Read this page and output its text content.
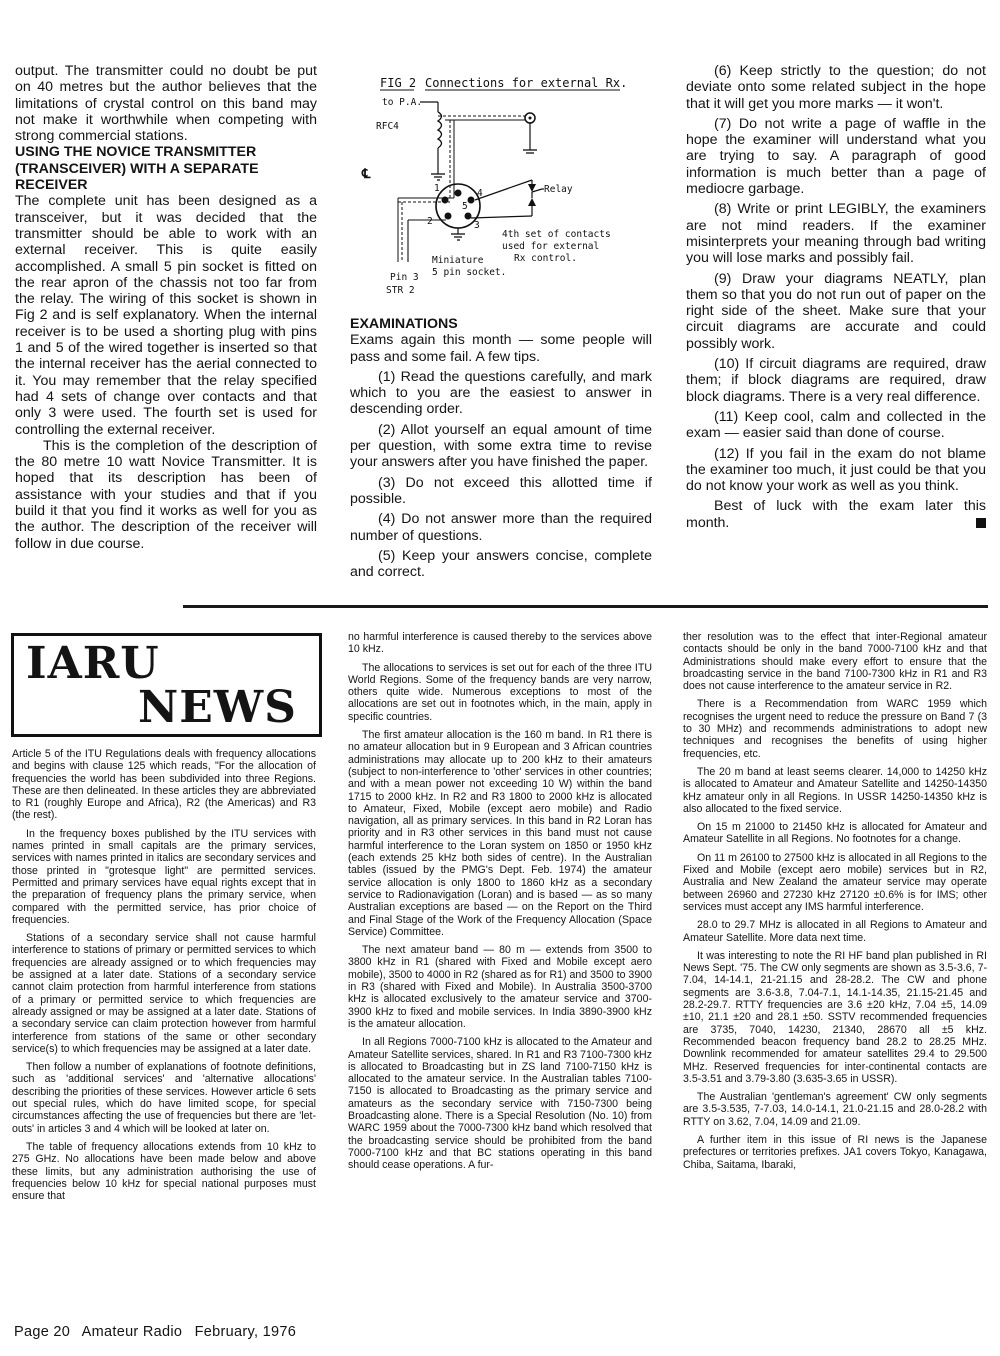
output. The transmitter could no doubt be put on 40 metres but the author believes that the limitations of crystal control on this band may not make it worthwhile when competing with strong commercial stations.

USING THE NOVICE TRANSMITTER (TRANSCEIVER) WITH A SEPARATE RECEIVER

The complete unit has been designed as a transceiver, but it was decided that the transmitter should be able to work with an external receiver. This is quite easily accomplished. A small 5 pin socket is fitted on the rear apron of the chassis not too far from the relay. The wiring of this socket is shown in Fig 2 and is self explanatory. When the internal receiver is to be used a shorting plug with pins 1 and 5 of the wired together is inserted so that the internal receiver has the aerial connected to it. You may remember that the relay specified had 4 sets of change over contacts and that only 3 were used. The fourth set is used for controlling the external receiver.

This is the completion of the description of the 80 metre 10 watt Novice Transmitter. It is hoped that its description has been of assistance with your studies and that if you build it that you find it works as well for you as the author. The description of the receiver will follow in due course.

FIG 2 Connections for external Rx.
to P.A.
RFC4
℄
1	4
5
2	3
Relay
4th set of contacts
used for external
Rx control.
Miniature
5 pin socket.
Pin 3
STR 2
EXAMINATIONS

Exams again this month — some people will pass and some fail. A few tips.

(1) Read the questions carefully, and mark which to you are the easiest to answer in descending order.

(2) Allot yourself an equal amount of time per question, with some extra time to revise your answers after you have finished the paper.

(3) Do not exceed this allotted time if possible.

(4) Do not answer more than the required number of questions.

(5) Keep your answers concise, complete and correct.

(6) Keep strictly to the question; do not deviate onto some related subject in the hope that it will get you more marks — it won't.

(7) Do not write a page of waffle in the hope the examiner will understand what you are trying to say. A paragraph of good information is much better than a page of mediocre garbage.

(8) Write or print LEGIBLY, the examiners are not mind readers. If the examiner misinterprets your meaning through bad writing you will lose marks and possibly fail.

(9) Draw your diagrams NEATLY, plan them so that you do not run out of paper on the right side of the sheet. Make sure that your circuit diagrams are accurate and could possibly work.

(10) If circuit diagrams are required, draw them; if block diagrams are required, draw block diagrams. There is a very real difference.

(11) Keep cool, calm and collected in the exam — easier said than done of course.

(12) If you fail in the exam do not blame the examiner too much, it just could be that you do not know your work as well as you think.

Best of luck with the exam later this

month.
IARU
NEWS

Article 5 of the ITU Regulations deals with frequency allocations and begins with clause 125 which reads, "For the allocation of frequencies the world has been subdivided into three Regions. These are then delineated. In these articles they are abbreviated to R1 (roughly Europe and Africa), R2 (the Americas) and R3 (the rest).

In the frequency boxes published by the ITU services with names printed in small capitals are the primary services, services with names printed in italics are secondary services and those printed in "grotesque light" are permitted services. Permitted and primary services have equal rights except that in the preparation of frequency plans the primary service, when compared with the permitted service, has prior choice of frequencies.

Stations of a secondary service shall not cause harmful interference to stations of primary or permitted services to which frequencies are already assigned or to which frequencies may be assigned at a later date. Stations of a secondary service cannot claim protection from harmful interference from stations of a primary or permitted service to which frequencies are already assigned or may be assigned at a later date. Stations of a secondary service can claim protection however from harmful interference from stations of the same or other secondary service(s) to which frequencies may be assigned at a later date.

Then follow a number of explanations of footnote definitions, such as 'additional services' and 'alternative allocations' describing the priorities of these services. However article 6 sets out special rules, which do have limited scope, for special circumstances affecting the use of frequencies but there are 'let-outs' in articles 3 and 4 which will be looked at later on.

The table of frequency allocations extends from 10 kHz to 275 GHz. No allocations have been made below and above these limits, but any administration authorising the use of frequencies below 10 kHz for special national purposes must ensure that

no harmful interference is caused thereby to the services above 10 kHz.

The allocations to services is set out for each of the three ITU World Regions. Some of the frequency bands are very narrow, others quite wide. Numerous exceptions to most of the allocations are set out in footnotes which, in the main, apply in specific countries.

The first amateur allocation is the 160 m band. In R1 there is no amateur allocation but in 9 European and 3 African countries administrations may allocate up to 200 kHz to their amateurs (subject to non-interference to 'other' services in other countries; and with a mean power not exceeding 10 W) within the band 1715 to 2000 kHz. In R2 and R3 1800 to 2000 kHz is allocated to Amateur, Fixed, Mobile (except aero mobile) and Radio navigation, all as primary services. In this band in R2 Loran has priority and in R3 other services in this band must not cause harmful interference to the Loran system on 1850 or 1950 kHz (each extends 25 kHz both sides of centre). In the Australian tables (issued by the PMG's Dept. Feb. 1974) the amateur service allocation is only 1800 to 1860 kHz as a secondary service to Radionavigation (Loran) and is based — as so many Australian exceptions are based — on the Report on the Third and Final Stage of the Work of the Frequency Allocation (Space Service) Committee.

The next amateur band — 80 m — extends from 3500 to 3800 kHz in R1 (shared with Fixed and Mobile except aero mobile), 3500 to 4000 in R2 (shared as for R1) and 3500 to 3900 in R3 (shared with Fixed and Mobile). In Australia 3500-3700 kHz is allocated exclusively to the amateur service and 3700-3900 kHz to fixed and mobile services. In India 3890-3900 kHz is the amateur allocation.

In all Regions 7000-7100 kHz is allocated to the Amateur and Amateur Satellite services, shared. In R1 and R3 7100-7300 kHz is allocated to Broadcasting but in ZS land 7100-7150 kHz is allocated to the amateur service. In the Australian tables 7100-7150 is allocated to Broadcasting as the primary service and amateurs as the secondary service with 7150-7300 being Broadcasting alone. There is a Special Resolution (No. 10) from WARC 1959 about the 7000-7300 kHz band which resolved that the broadcasting service should be prohibited from the band 7000-7100 kHz and that BC stations operating in this band should cease operations. A fur-

ther resolution was to the effect that inter-Regional amateur contacts should be only in the band 7000-7100 kHz and that Administrations should make every effort to ensure that the broadcasting service in the band 7100-7300 kHz in R1 and R3 does not cause interference to the amateur service in R2.

There is a Recommendation from WARC 1959 which recognises the urgent need to reduce the pressure on Band 7 (3 to 30 MHz) and recommends administrations to adopt new techniques and recognises the benefits of using higher frequencies, etc.

The 20 m band at least seems clearer. 14,000 to 14250 kHz is allocated to Amateur and Amateur Satellite and 14250-14350 kHz amateur only in all Regions. In USSR 14250-14350 kHz is also allocated to the fixed service.

On 15 m 21000 to 21450 kHz is allocated for Amateur and Amateur Satellite in all Regions. No footnotes for a change.

On 11 m 26100 to 27500 kHz is allocated in all Regions to the Fixed and Mobile (except aero mobile) services but in R2, Australia and New Zealand the amateur service may operate between 26960 and 27230 kHz 27120 ±0.6% is for IMS; other services must accept any IMS harmful interference.

28.0 to 29.7 MHz is allocated in all Regions to Amateur and Amateur Satellite. More data next time.

It was interesting to note the RI HF band plan published in RI News Sept. '75. The CW only segments are shown as 3.5-3.6, 7-7.04, 14-14.1, 21-21.15 and 28-28.2. The CW and phone segments are 3.6-3.8, 7.04-7.1, 14.1-14.35, 21.15-21.45 and 28.2-29.7. RTTY frequencies are 3.6 ±20 kHz, 7.04 ±5, 14.09 ±10, 21.1 ±20 and 28.1 ±50. SSTV recommended frequencies are 3735, 7040, 14230, 21340, 28670 all ±5 kHz. Recommended beacon frequency band 28.2 to 28.25 MHz. Downlink recommended for amateur satellites 29.4 to 29.500 MHz. Reserved frequencies for inter-continental contacts are 3.5-3.51 and 3.79-3.80 (3.635-3.65 in USSR).

The Australian 'gentleman's agreement' CW only segments are 3.5-3.535, 7-7.03, 14.0-14.1, 21.0-21.15 and 28.0-28.2 with RTTY on 3.62, 7.04, 14.09 and 21.09.

A further item in this issue of RI news is the Japanese prefectures or territories prefixes. JA1 covers Tokyo, Kanagawa, Chiba, Saitama, Ibaraki,

Page 20 Amateur Radio February, 1976
